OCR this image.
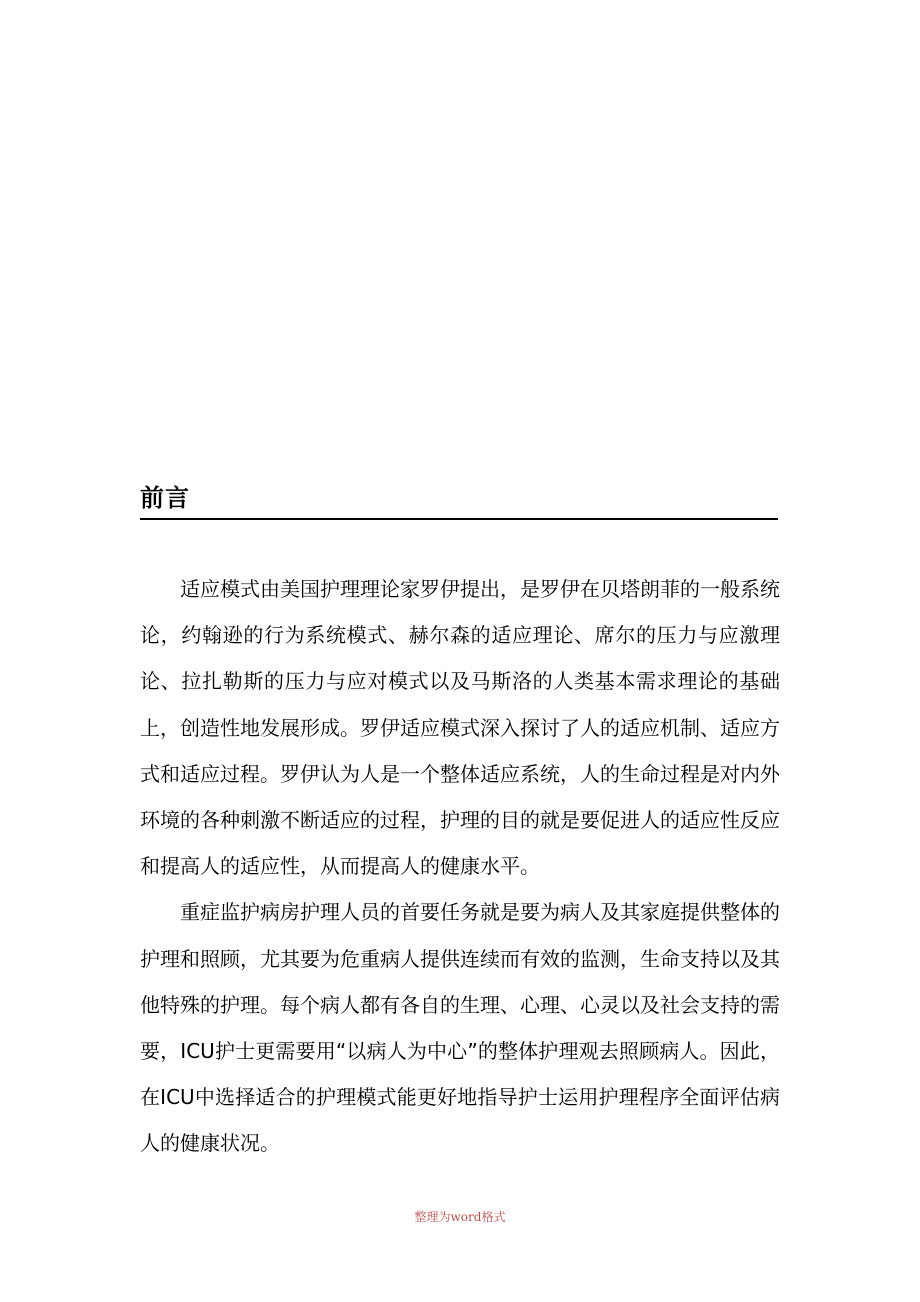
前言

适应模式由美国护理理论家罗伊提出，是罗伊在贝塔朗菲的一般系统论，约翰逊的行为系统模式、赫尔森的适应理论、席尔的压力与应激理论、拉扎勒斯的压力与应对模式以及马斯洛的人类基本需求理论的基础上，创造性地发展形成。罗伊适应模式深入探讨了人的适应机制、适应方式和适应过程。罗伊认为人是一个整体适应系统，人的生命过程是对内外环境的各种刺激不断适应的过程，护理的目的就是要促进人的适应性反应和提高人的适应性，从而提高人的健康水平。

重症监护病房护理人员的首要任务就是要为病人及其家庭提供整体的护理和照顾，尤其要为危重病人提供连续而有效的监测，生命支持以及其他特殊的护理。每个病人都有各自的生理、心理、心灵以及社会支持的需要，ICU护士更需要用“以病人为中心”的整体护理观去照顾病人。因此，在ICU中选择适合的护理模式能更好地指导护士运用护理程序全面评估病人的健康状况。

整理为word格式
